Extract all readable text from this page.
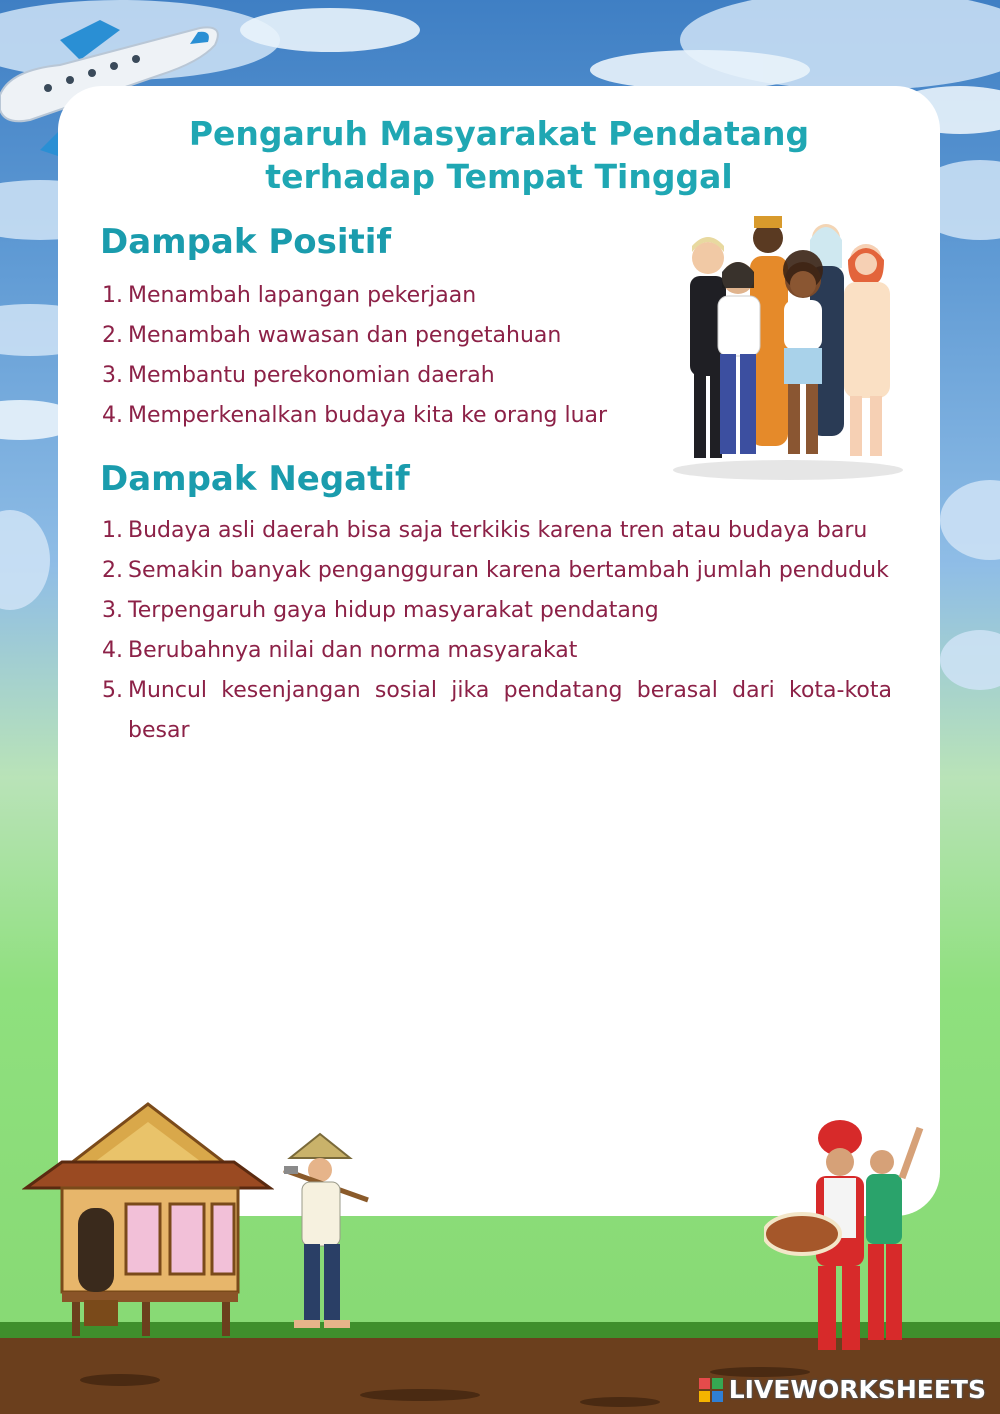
Pengaruh Masyarakat Pendatang
terhadap Tempat Tinggal
Dampak Positif
1. Menambah lapangan pekerjaan
2. Menambah wawasan dan pengetahuan
3. Membantu perekonomian daerah
4. Memperkenalkan budaya kita ke orang luar
Dampak Negatif
1. Budaya asli daerah bisa saja terkikis karena tren atau budaya baru
2. Semakin banyak pengangguran karena bertambah jumlah penduduk
3. Terpengaruh gaya hidup masyarakat pendatang
4. Berubahnya nilai dan norma masyarakat
5. Muncul kesenjangan sosial jika pendatang berasal dari kota-kota besar
LIVEWORKSHEETS
